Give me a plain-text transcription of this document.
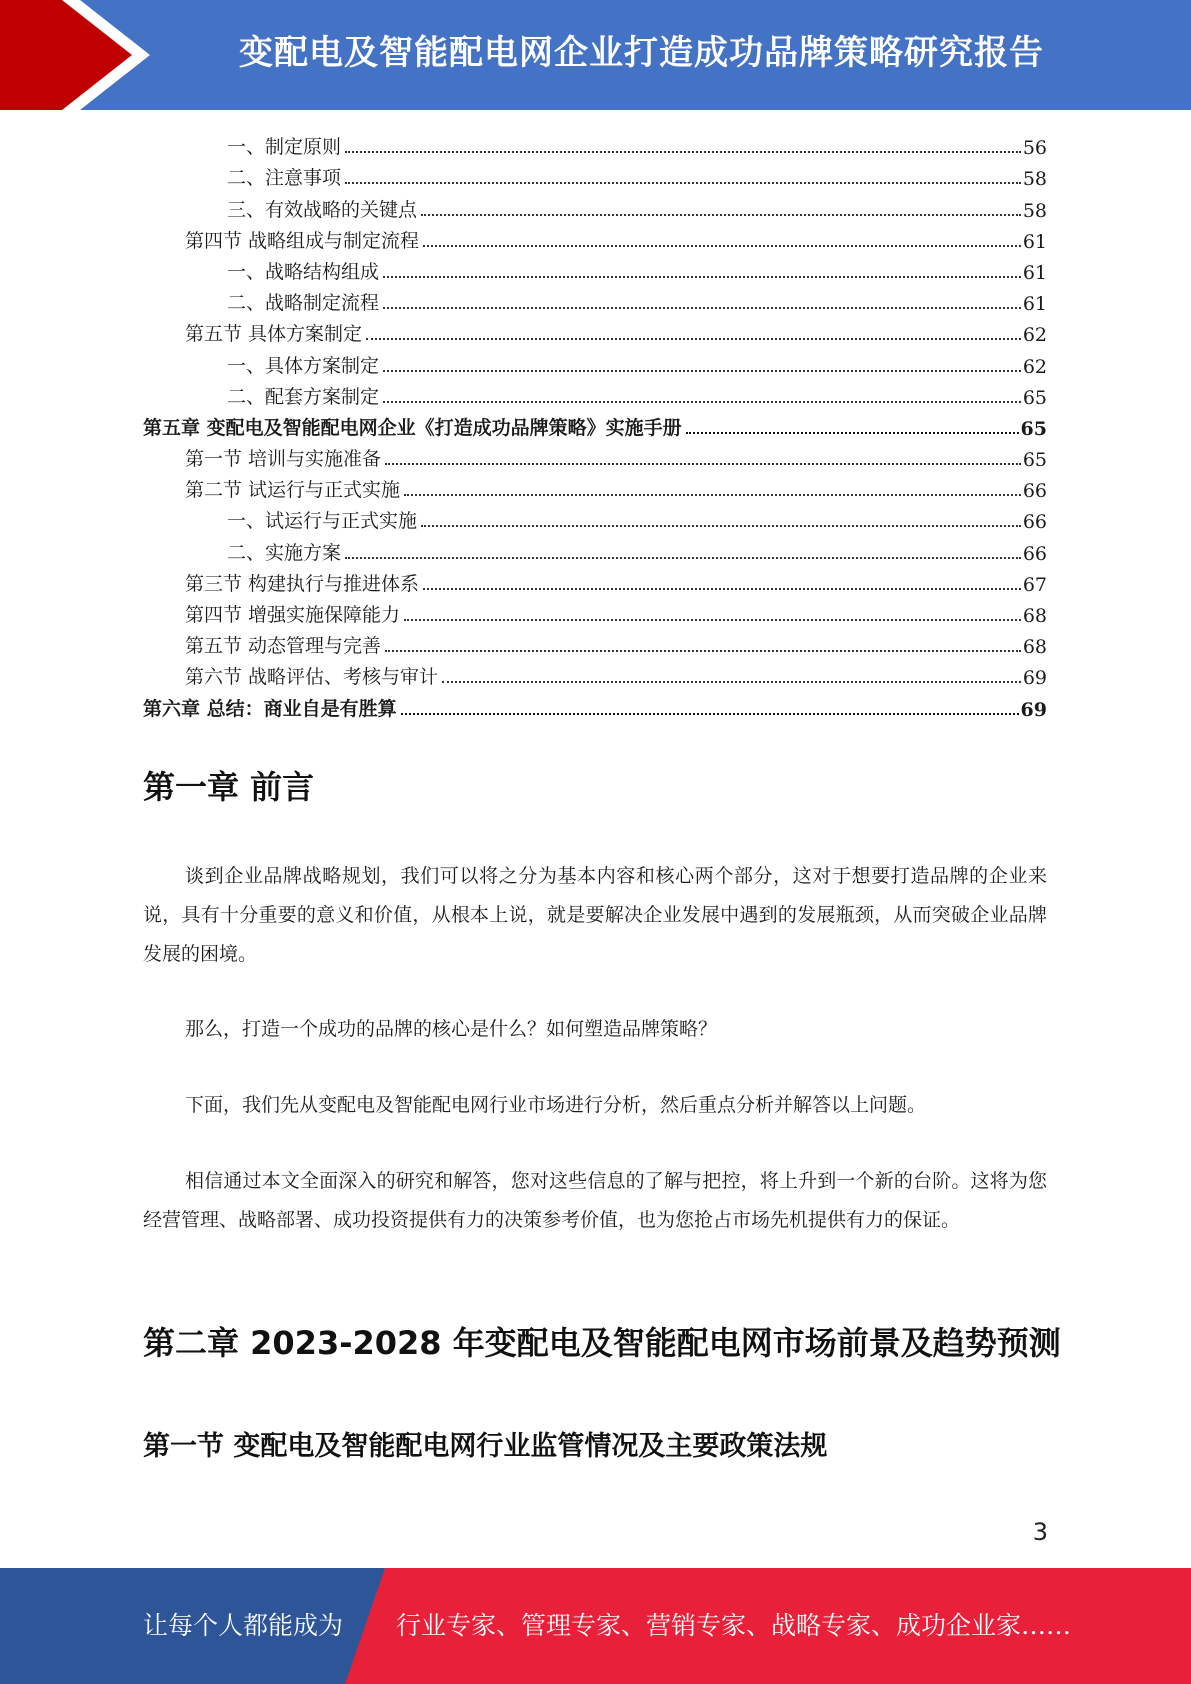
变配电及智能配电网企业打造成功品牌策略研究报告
一、制定原则	56
二、注意事项	58
三、有效战略的关键点	58
第四节 战略组成与制定流程	61
一、战略结构组成	61
二、战略制定流程	61
第五节 具体方案制定	62
一、具体方案制定	62
二、配套方案制定	65
第五章 变配电及智能配电网企业《打造成功品牌策略》实施手册	65
第一节 培训与实施准备	65
第二节 试运行与正式实施	66
一、试运行与正式实施	66
二、实施方案	66
第三节 构建执行与推进体系	67
第四节 增强实施保障能力	68
第五节 动态管理与完善	68
第六节 战略评估、考核与审计	69
第六章 总结：商业自是有胜算	69
第一章 前言

谈到企业品牌战略规划，我们可以将之分为基本内容和核心两个部分，这对于想要打造品牌的企业来说，具有十分重要的意义和价值，从根本上说，就是要解决企业发展中遇到的发展瓶颈，从而突破企业品牌发展的困境。

那么，打造一个成功的品牌的核心是什么？如何塑造品牌策略？

下面，我们先从变配电及智能配电网行业市场进行分析，然后重点分析并解答以上问题。

相信通过本文全面深入的研究和解答，您对这些信息的了解与把控，将上升到一个新的台阶。这将为您经营管理、战略部署、成功投资提供有力的决策参考价值，也为您抢占市场先机提供有力的保证。

第二章 2023-2028 年变配电及智能配电网市场前景及趋势预测
第一节 变配电及智能配电网行业监管情况及主要政策法规
3
让每个人都能成为 行业专家、管理专家、营销专家、战略专家、成功企业家……
